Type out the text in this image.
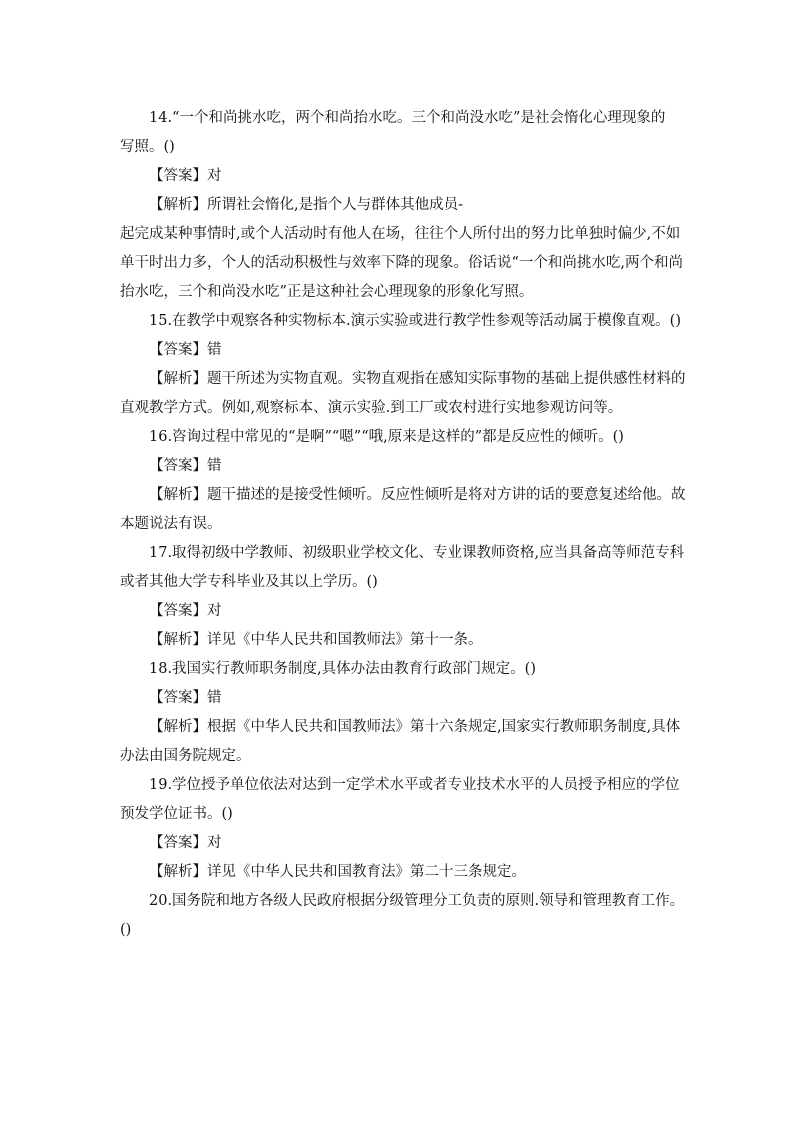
14.“一个和尚挑水吃，两个和尚抬水吃。三个和尚没水吃”是社会惰化心理现象的

写照。()

【答案】对

【解析】所谓社会惰化,是指个人与群体其他成员-

起完成某种事情时,或个人活动时有他人在场，往往个人所付出的努力比单独时偏少,不如

单干时出力多，个人的活动积极性与效率下降的现象。俗话说“一个和尚挑水吃,两个和尚

抬水吃，三个和尚没水吃”正是这种社会心理现象的形象化写照。

15.在教学中观察各种实物标本.演示实验或进行教学性参观等活动属于模像直观。()

【答案】错

【解析】题干所述为实物直观。实物直观指在感知实际事物的基础上提供感性材料的

直观教学方式。例如,观察标本、演示实验.到工厂或农村进行实地参观访问等。

16.咨询过程中常见的“是啊”“嗯”“哦,原来是这样的”都是反应性的倾听。()

【答案】错

【解析】题干描述的是接受性倾听。反应性倾听是将对方讲的话的要意复述给他。故

本题说法有误。

17.取得初级中学教师、初级职业学校文化、专业课教师资格,应当具备高等师范专科

或者其他大学专科毕业及其以上学历。()

【答案】对

【解析】详见《中华人民共和国教师法》第十一条。

18.我国实行教师职务制度,具体办法由教育行政部门规定。()

【答案】错

【解析】根据《中华人民共和国教师法》第十六条规定,国家实行教师职务制度,具体

办法由国务院规定。

19.学位授予单位依法对达到一定学术水平或者专业技术水平的人员授予相应的学位

预发学位证书。()

【答案】对

【解析】详见《中华人民共和国教育法》第二十三条规定。

20.国务院和地方各级人民政府根据分级管理分工负责的原则.领导和管理教育工作。

()
